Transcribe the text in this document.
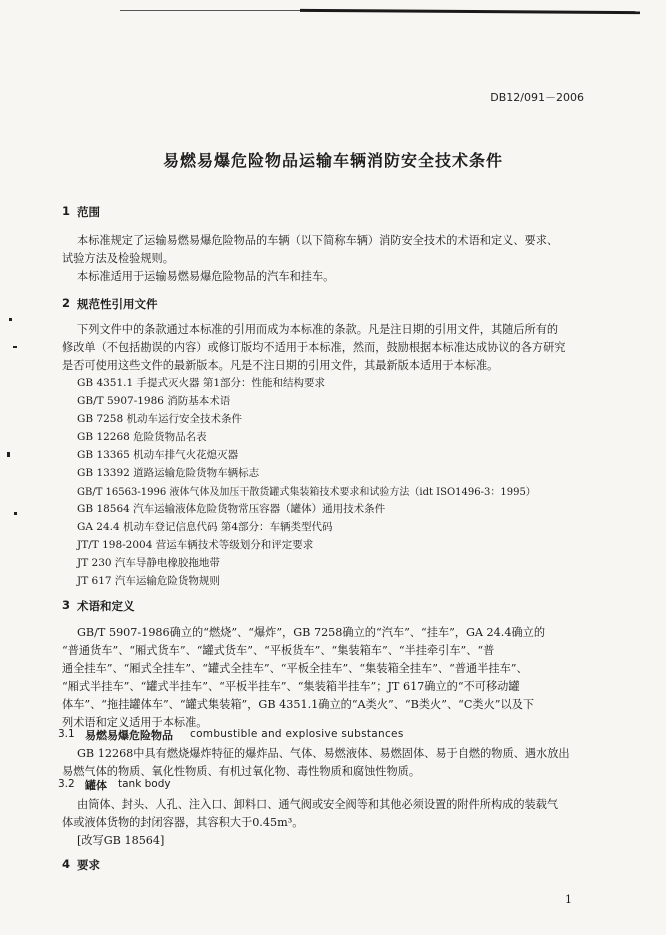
DB12/091－2006
易燃易爆危险物品运输车辆消防安全技术条件
1 范围
本标准规定了运输易燃易爆危险物品的车辆（以下简称车辆）消防安全技术的术语和定义、要求、
试验方法及检验规则。
本标准适用于运输易燃易爆危险物品的汽车和挂车。
2 规范性引用文件
下列文件中的条款通过本标准的引用而成为本标准的条款。凡是注日期的引用文件，其随后所有的
修改单（不包括勘误的内容）或修订版均不适用于本标准，然而，鼓励根据本标准达成协议的各方研究
是否可使用这些文件的最新版本。凡是不注日期的引用文件，其最新版本适用于本标准。
GB 4351.1 手提式灭火器 第1部分：性能和结构要求
GB/T 5907-1986 消防基本术语
GB 7258 机动车运行安全技术条件
GB 12268 危险货物品名表
GB 13365 机动车排气火花熄灭器
GB 13392 道路运输危险货物车辆标志
GB/T 16563-1996 液体气体及加压干散货罐式集装箱技术要求和试验方法（idt ISO1496-3：1995）
GB 18564 汽车运输液体危险货物常压容器（罐体）通用技术条件
GA 24.4 机动车登记信息代码 第4部分：车辆类型代码
JT/T 198-2004 营运车辆技术等级划分和评定要求
JT 230 汽车导静电橡胶拖地带
JT 617 汽车运输危险货物规则
3 术语和定义
GB/T 5907-1986确立的“燃烧”、“爆炸”，GB 7258确立的“汽车”、“挂车”，GA 24.4确立的
“普通货车”、“厢式货车”、“罐式货车”、“平板货车”、“集装箱车”、“半挂牵引车”、“普
通全挂车”、“厢式全挂车”、“罐式全挂车”、“平板全挂车”、“集装箱全挂车”、“普通半挂车”、
“厢式半挂车”、“罐式半挂车”、“平板半挂车”、“集装箱半挂车”；JT 617确立的“不可移动罐
体车”、“拖挂罐体车”、“罐式集装箱”，GB 4351.1确立的“A类火”、“B类火”、“C类火”以及下
列术语和定义适用于本标准。
3.1 易燃易爆危险物品 combustible and explosive substances
GB 12268中具有燃烧爆炸特征的爆炸品、气体、易燃液体、易燃固体、易于自燃的物质、遇水放出
易燃气体的物质、氧化性物质、有机过氧化物、毒性物质和腐蚀性物质。
3.2 罐体 tank body
由筒体、封头、人孔、注入口、卸料口、通气阀或安全阀等和其他必须设置的附件所构成的装载气
体或液体货物的封闭容器，其容积大于0.45m³。
[改写GB 18564]
4 要求
1
